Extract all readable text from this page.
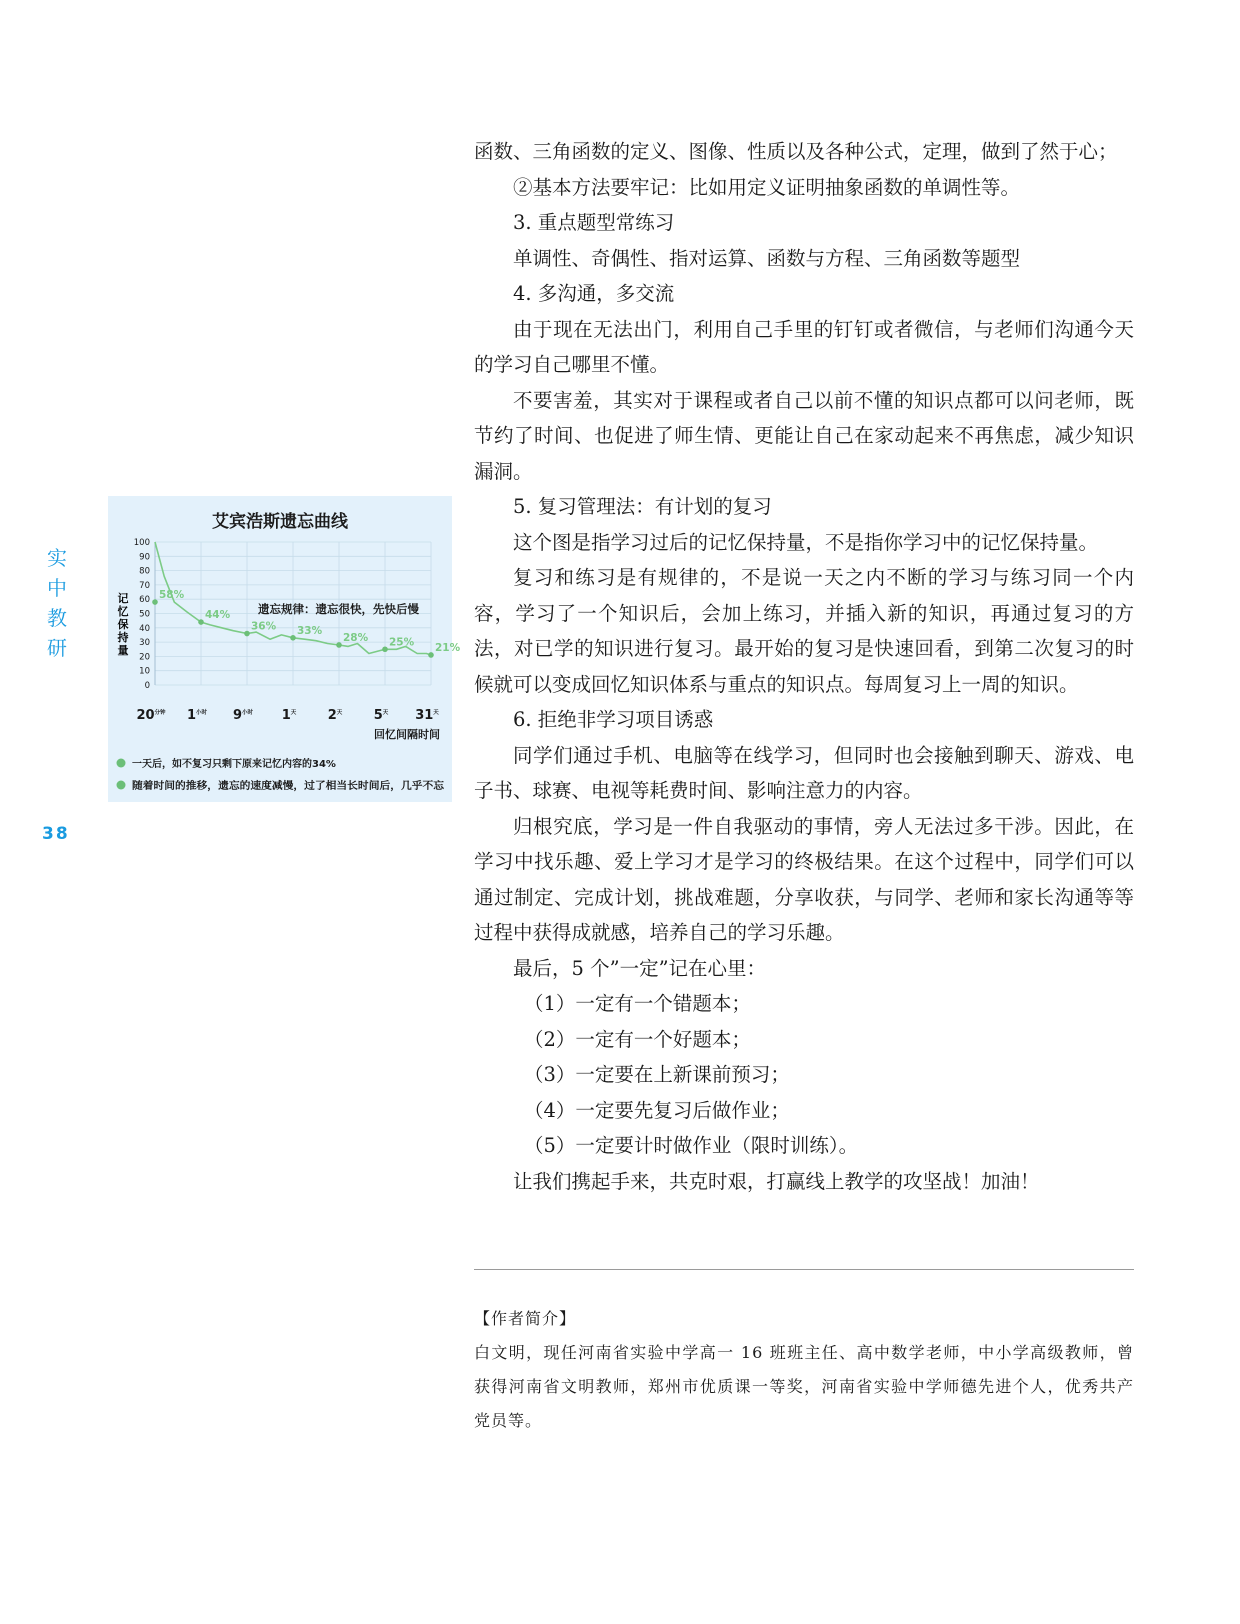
实
中
教
研
38
艾宾浩斯遗忘曲线
0
10
20
30
40
50
60
70
80
90
100
遗忘规律：遗忘很快，先快后慢
记
忆
保
持
量
58%
44%
36% 33%
28% 25% 21%
$20^{分钟}$ $1^{小时}$ $9^{小时}$ $1^天$ $2^天$ $5^天$ $31^天$
回忆间隔时间
一天后，如不复习只剩下原来记忆内容的34%
随着时间的推移，遗忘的速度减慢，过了相当长时间后，几乎不忘

函数、三角函数的定义、图像、性质以及各种公式，定理，做到了然于心；

②基本方法要牢记：比如用定义证明抽象函数的单调性等。

3. 重点题型常练习

单调性、奇偶性、指对运算、函数与方程、三角函数等题型

4. 多沟通，多交流

由于现在无法出门，利用自己手里的钉钉或者微信，与老师们沟通今天的学习自己哪里不懂。

不要害羞，其实对于课程或者自己以前不懂的知识点都可以问老师，既节约了时间、也促进了师生情、更能让自己在家动起来不再焦虑，减少知识漏洞。

5. 复习管理法：有计划的复习

这个图是指学习过后的记忆保持量，不是指你学习中的记忆保持量。

复习和练习是有规律的，不是说一天之内不断的学习与练习同一个内容，学习了一个知识后，会加上练习，并插入新的知识，再通过复习的方法，对已学的知识进行复习。最开始的复习是快速回看，到第二次复习的时候就可以变成回忆知识体系与重点的知识点。每周复习上一周的知识。

6. 拒绝非学习项目诱惑

同学们通过手机、电脑等在线学习，但同时也会接触到聊天、游戏、电子书、球赛、电视等耗费时间、影响注意力的内容。

归根究底，学习是一件自我驱动的事情，旁人无法过多干涉。因此，在学习中找乐趣、爱上学习才是学习的终极结果。在这个过程中，同学们可以通过制定、完成计划，挑战难题，分享收获，与同学、老师和家长沟通等等过程中获得成就感，培养自己的学习乐趣。

最后，5 个”一定”记在心里：

（1）一定有一个错题本；

（2）一定有一个好题本；

（3）一定要在上新课前预习；

（4）一定要先复习后做作业；

（5）一定要计时做作业（限时训练）。

让我们携起手来，共克时艰，打赢线上教学的攻坚战！加油！

【作者简介】

白文明，现任河南省实验中学高一 16 班班主任、高中数学老师，中小学高级教师，曾获得河南省文明教师，郑州市优质课一等奖，河南省实验中学师德先进个人，优秀共产党员等。
